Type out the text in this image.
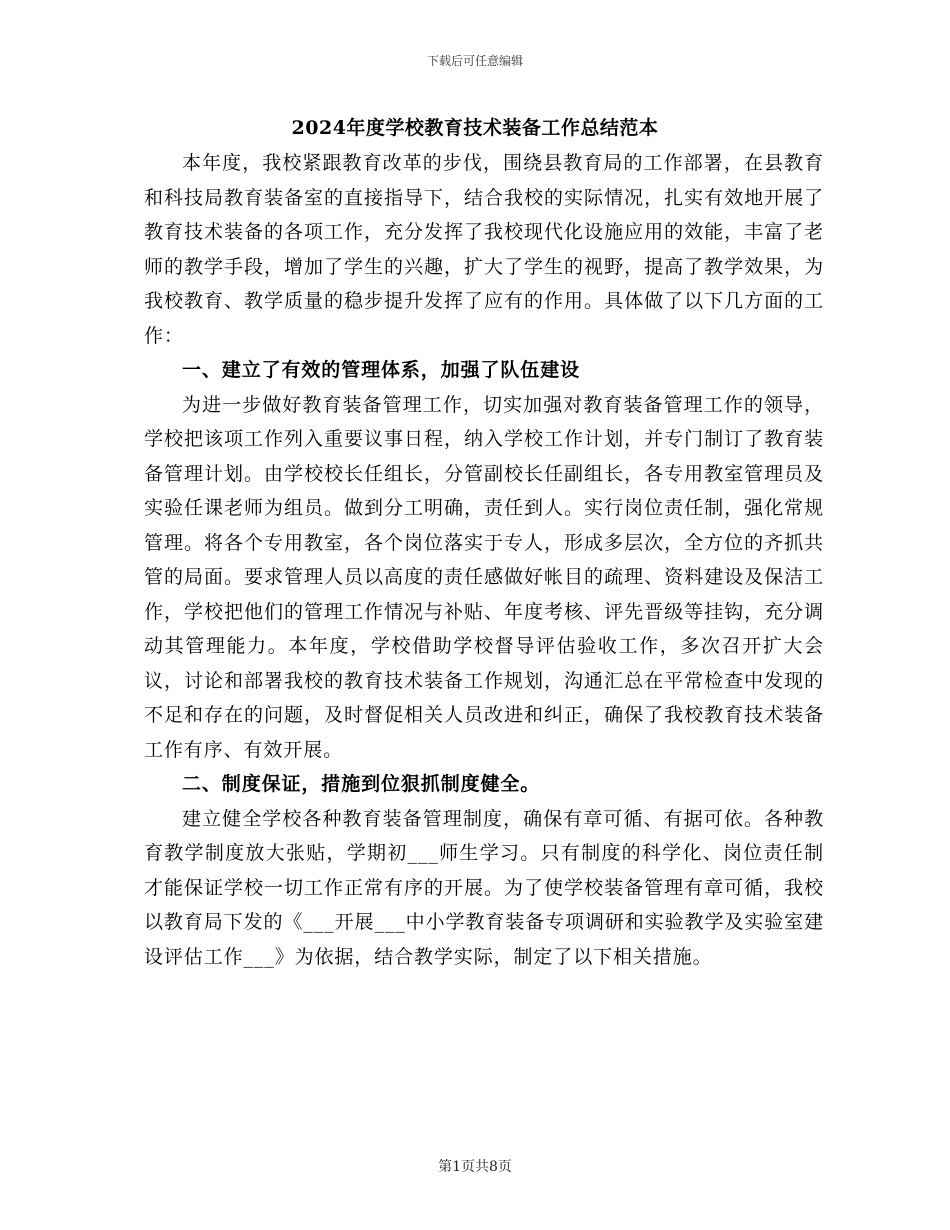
下载后可任意编辑
2024年度学校教育技术装备工作总结范本

本年度，我校紧跟教育改革的步伐，围绕县教育局的工作部署，在县教育和科技局教育装备室的直接指导下，结合我校的实际情况，扎实有效地开展了教育技术装备的各项工作，充分发挥了我校现代化设施应用的效能，丰富了老师的教学手段，增加了学生的兴趣，扩大了学生的视野，提高了教学效果，为我校教育、教学质量的稳步提升发挥了应有的作用。具体做了以下几方面的工作：

一、建立了有效的管理体系，加强了队伍建设

为进一步做好教育装备管理工作，切实加强对教育装备管理工作的领导，学校把该项工作列入重要议事日程，纳入学校工作计划，并专门制订了教育装备管理计划。由学校校长任组长，分管副校长任副组长，各专用教室管理员及实验任课老师为组员。做到分工明确，责任到人。实行岗位责任制，强化常规管理。将各个专用教室，各个岗位落实于专人，形成多层次，全方位的齐抓共管的局面。要求管理人员以高度的责任感做好帐目的疏理、资料建设及保洁工作，学校把他们的管理工作情况与补贴、年度考核、评先晋级等挂钩，充分调动其管理能力。本年度，学校借助学校督导评估验收工作，多次召开扩大会议，讨论和部署我校的教育技术装备工作规划，沟通汇总在平常检查中发现的不足和存在的问题，及时督促相关人员改进和纠正，确保了我校教育技术装备工作有序、有效开展。

二、制度保证，措施到位狠抓制度健全。

建立健全学校各种教育装备管理制度，确保有章可循、有据可依。各种教育教学制度放大张贴，学期初___师生学习。只有制度的科学化、岗位责任制才能保证学校一切工作正常有序的开展。为了使学校装备管理有章可循，我校以教育局下发的《___开展___中小学教育装备专项调研和实验教学及实验室建设评估工作___》为依据，结合教学实际，制定了以下相关措施。

第1页共8页
